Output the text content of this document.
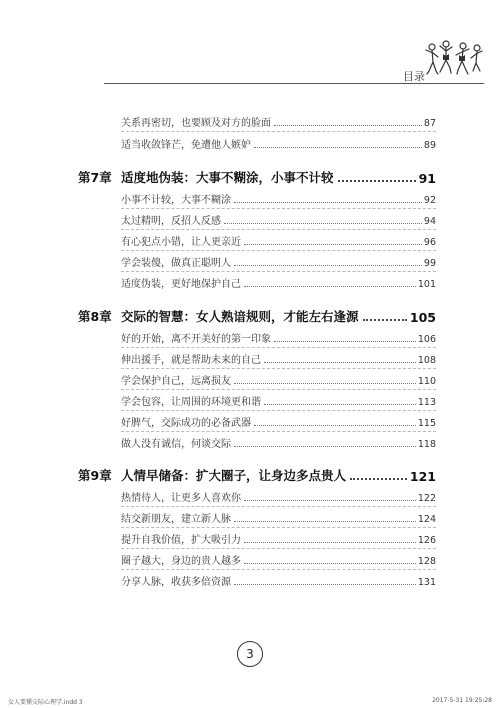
目录
关系再密切，也要顾及对方的脸面	87
适当收敛锋芒，免遭他人嫉妒	89
第7章 适度地伪装：大事不糊涂，小事不计较	91
小事不计较，大事不糊涂	92
太过精明，反招人反感	94
有心犯点小错，让人更亲近	96
学会装傻，做真正聪明人	99
适度伪装，更好地保护自己	101
第8章 交际的智慧：女人熟谙规则，才能左右逢源	105
好的开始，离不开美好的第一印象	106
伸出援手，就是帮助未来的自己	108
学会保护自己，远离损友	110
学会包容，让周围的环境更和谐	113
好脾气，交际成功的必备武器	115
做人没有诚信，何谈交际	118
第9章 人情早储备：扩大圈子，让身边多点贵人	121
热情待人，让更多人喜欢你	122
结交新朋友，建立新人脉	124
提升自我价值，扩大吸引力	126
圈子越大，身边的贵人越多	128
分享人脉，收获多倍资源	131
3
女人要懂交际心理学.indd 3	2017-5-31 19:25:28
